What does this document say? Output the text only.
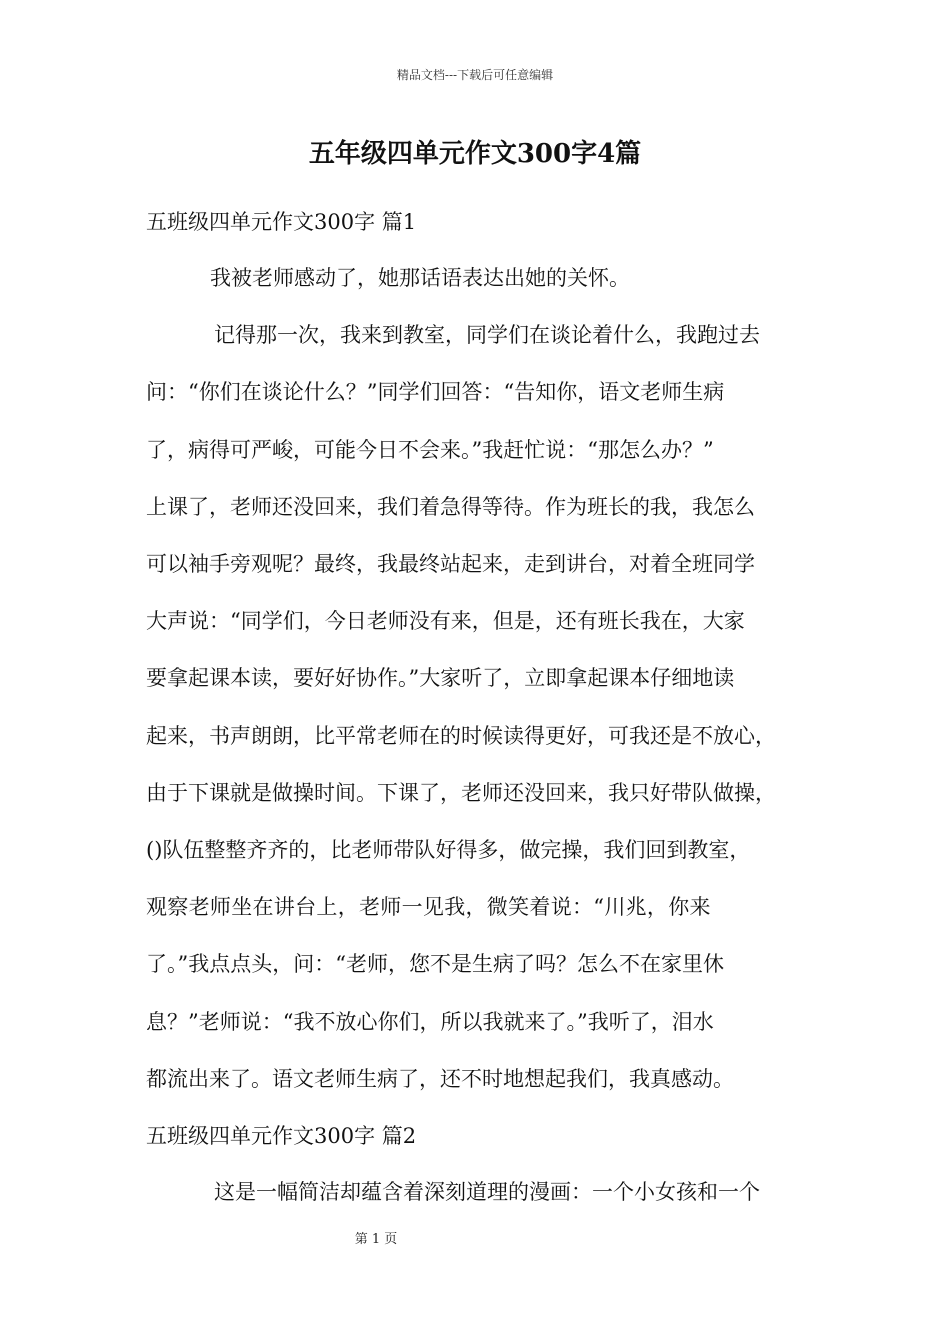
精品文档---下载后可任意编辑
五年级四单元作文300字4篇
五班级四单元作文300字 篇1

我被老师感动了，她那话语表达出她的关怀。

记得那一次，我来到教室，同学们在谈论着什么，我跑过去

问：“你们在谈论什么？”同学们回答：“告知你，语文老师生病

了，病得可严峻，可能今日不会来。”我赶忙说：“那怎么办？”

上课了，老师还没回来，我们着急得等待。作为班长的我，我怎么

可以袖手旁观呢？最终，我最终站起来，走到讲台，对着全班同学

大声说：“同学们，今日老师没有来，但是，还有班长我在，大家

要拿起课本读，要好好协作。”大家听了，立即拿起课本仔细地读

起来，书声朗朗，比平常老师在的时候读得更好，可我还是不放心，

由于下课就是做操时间。下课了，老师还没回来，我只好带队做操，

()队伍整整齐齐的，比老师带队好得多，做完操，我们回到教室，

观察老师坐在讲台上，老师一见我，微笑着说：“川兆，你来

了。”我点点头，问：“老师，您不是生病了吗？怎么不在家里休

息？”老师说：“我不放心你们，所以我就来了。”我听了，泪水

都流出来了。语文老师生病了，还不时地想起我们，我真感动。

五班级四单元作文300字 篇2

这是一幅简洁却蕴含着深刻道理的漫画：一个小女孩和一个

第 1 页
